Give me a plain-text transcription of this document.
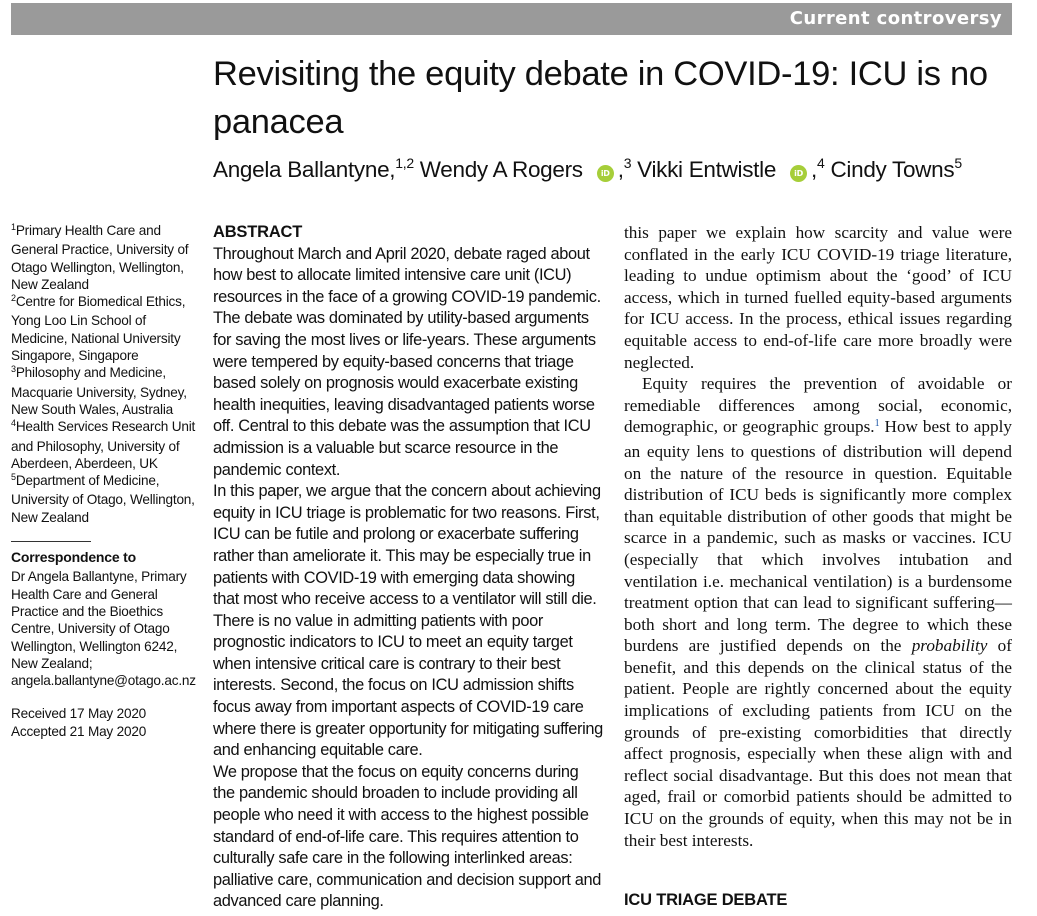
Current controversy
Revisiting the equity debate in COVID-19: ICU is no panacea
Angela Ballantyne,$^{1,2}$ Wendy A Rogers iD ,$^3$ Vikki Entwistle iD ,$^4$ Cindy Towns$^5$

$^1$Primary Health Care and General Practice, University of Otago Wellington, Wellington, New Zealand

$^2$Centre for Biomedical Ethics, Yong Loo Lin School of Medicine, National University Singapore, Singapore

$^3$Philosophy and Medicine, Macquarie University, Sydney, New South Wales, Australia

$^4$Health Services Research Unit and Philosophy, University of Aberdeen, Aberdeen, UK

$^5$Department of Medicine, University of Otago, Wellington, New Zealand

Correspondence to

Dr Angela Ballantyne, Primary Health Care and General Practice and the Bioethics Centre, University of Otago Wellington, Wellington 6242, New Zealand; angela.ballantyne@otago.ac.nz

Received 17 May 2020
Accepted 21 May 2020

ABSTRACT

Throughout March and April 2020, debate raged about how best to allocate limited intensive care unit (ICU) resources in the face of a growing COVID-19 pandemic. The debate was dominated by utility-based arguments for saving the most lives or life-years. These arguments were tempered by equity-based concerns that triage based solely on prognosis would exacerbate existing health inequities, leaving disadvantaged patients worse off. Central to this debate was the assumption that ICU admission is a valuable but scarce resource in the pandemic context.

In this paper, we argue that the concern about achieving equity in ICU triage is problematic for two reasons. First, ICU can be futile and prolong or exacerbate suffering rather than ameliorate it. This may be especially true in patients with COVID-19 with emerging data showing that most who receive access to a ventilator will still die. There is no value in admitting patients with poor prognostic indicators to ICU to meet an equity target when intensive critical care is contrary to their best interests. Second, the focus on ICU admission shifts focus away from important aspects of COVID-19 care where there is greater opportunity for mitigating suffering and enhancing equitable care.

We propose that the focus on equity concerns during the pandemic should broaden to include providing all people who need it with access to the highest possible standard of end-of-life care. This requires attention to culturally safe care in the following interlinked areas: palliative care, communication and decision support and advanced care planning.

this paper we explain how scarcity and value were conflated in the early ICU COVID-19 triage literature, leading to undue optimism about the ‘good’ of ICU access, which in turned fuelled equity-based arguments for ICU access. In the process, ethical issues regarding equitable access to end-of-life care more broadly were neglected.

Equity requires the prevention of avoidable or remediable differences among social, economic, demographic, or geographic groups.$^1$ How best to apply an equity lens to questions of distribution will depend on the nature of the resource in question. Equitable distribution of ICU beds is significantly more complex than equitable distribution of other goods that might be scarce in a pandemic, such as masks or vaccines. ICU (especially that which involves intubation and ventilation i.e. mechanical ventilation) is a burdensome treatment option that can lead to significant suffering—both short and long term. The degree to which these burdens are justified depends on the probability of benefit, and this depends on the clinical status of the patient. People are rightly concerned about the equity implications of excluding patients from ICU on the grounds of pre-existing comorbidities that directly affect prognosis, especially when these align with and reflect social disadvantage. But this does not mean that aged, frail or comorbid patients should be admitted to ICU on the grounds of equity, when this may not be in their best interests.

ICU TRIAGE DEBATE
